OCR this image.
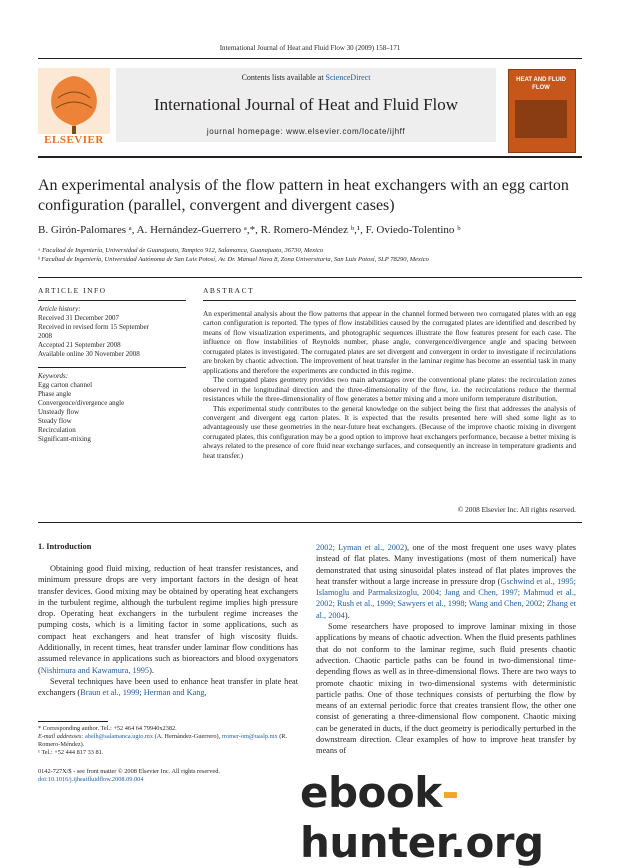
International Journal of Heat and Fluid Flow 30 (2009) 158–171
ELSEVIER
Contents lists available at ScienceDirect
International Journal of Heat and Fluid Flow
journal homepage: www.elsevier.com/locate/ijhff
HEAT AND FLUID FLOW
An experimental analysis of the flow pattern in heat exchangers with an egg carton configuration (parallel, convergent and divergent cases)
B. Girón-Palomares ᵃ, A. Hernández-Guerrero ᵃ,*, R. Romero-Méndez ᵇ,¹, F. Oviedo-Tolentino ᵇ
ᵃ Facultad de Ingeniería, Universidad de Guanajuato, Tampico 912, Salamanca, Guanajuato, 36730, Mexico
ᵇ Facultad de Ingeniería, Universidad Autónoma de San Luis Potosí, Av. Dr. Manuel Nava 8, Zona Universitaria, San Luis Potosí, SLP 78290, Mexico
ARTICLE INFO
Article history:
Received 31 December 2007
Received in revised form 15 September
2008
Accepted 21 September 2008
Available online 30 November 2008
Keywords:
Egg carton channel
Phase angle
Convergence/divergence angle
Unsteady flow
Steady flow
Recirculation
Significant-mixing
ABSTRACT

An experimental analysis about the flow patterns that appear in the channel formed between two corrugated plates with an egg carton configuration is reported. The types of flow instabilities caused by the corrugated plates are identified and described by means of flow visualization experiments, and photographic sequences illustrate the flow features present for each case. The influence on flow instabilities of Reynolds number, phase angle, convergence/divergence angle and spacing between corrugated plates is investigated. The corrugated plates are set divergent and convergent in order to investigate if recirculations are broken by chaotic advection. The improvement of heat transfer in the laminar regime has become an essential task in many applications and therefore the experiments are conducted in this regime.

The corrugated plates geometry provides two main advantages over the conventional plane plates: the recirculation zones observed in the longitudinal direction and the three-dimensionality of the flow, i.e. the recirculations reduce the thermal resistances while the three-dimensionality of flow generates a better mixing and a more uniform temperature distribution.

This experimental study contributes to the general knowledge on the subject being the first that addresses the analysis of convergent and divergent egg carton plates. It is expected that the results presented here will shed some light as to advantageously use these geometries in the near-future heat exchangers. (Because of the improve chaotic mixing in divergent corrugated plates, this configuration may be a good option to improve heat exchangers performance, because a better mixing is always related to the presence of core fluid near exchange surfaces, and consequently an increase in temperature gradients and heat transfer.)

© 2008 Elsevier Inc. All rights reserved.
1. Introduction

Obtaining good fluid mixing, reduction of heat transfer resistances, and minimum pressure drops are very important factors in the design of heat transfer devices. Good mixing may be obtained by operating heat exchangers in the turbulent regime, although the turbulent regime implies high pressure drop. Operating heat exchangers in the turbulent regime increases the pumping costs, which is a limiting factor in some applications, such as compact heat exchangers and heat transfer of high viscosity fluids. Additionally, in recent times, heat transfer under laminar flow conditions has assumed relevance in applications such as bioreactors and blood oxygenators (Nishimura and Kawamura, 1995).

Several techniques have been used to enhance heat transfer in plate heat exchangers (Braun et al., 1999; Herman and Kang,

* Corresponding author. Tel.: +52 464 64 79940x2382.
E-mail addresses: abelh@salamanca.ugto.mx (A. Hernández-Guerrero), rromer-om@uaslp.mx (R. Romero-Méndez).
¹ Tel.: +52 444 817 33 81.
0142-727X/$ - see front matter © 2008 Elsevier Inc. All rights reserved.
doi:10.1016/j.ijheatfluidflow.2008.09.004

2002; Lyman et al., 2002), one of the most frequent one uses wavy plates instead of flat plates. Many investigations (most of them numerical) have demonstrated that using sinusoidal plates instead of flat plates improves the heat transfer without a large increase in pressure drop (Gschwind et al., 1995; Islamoglu and Parmaksizoglu, 2004; Jang and Chen, 1997; Mahmud et al., 2002; Rush et al., 1999; Sawyers et al., 1998; Wang and Chen, 2002; Zhang et al., 2004).

Some researchers have proposed to improve laminar mixing in those applications by means of chaotic advection. When the fluid presents pathlines that do not conform to the laminar regime, such fluid presents chaotic advection. Chaotic particle paths can be found in two-dimensional time-depending flows as well as in three-dimensional flows. There are two ways to promote chaotic mixing in two-dimensional systems with deterministic particle paths. One of those techniques consists of perturbing the flow by means of an external periodic force that creates transient flow, the other one consist of generating a three-dimensional flow component. Chaotic mixing can be generated in ducts, if the duct geometry is periodically perturbed in the downstream direction. Clear examples of how to improve heat transfer by means of

ebook-hunter.org
